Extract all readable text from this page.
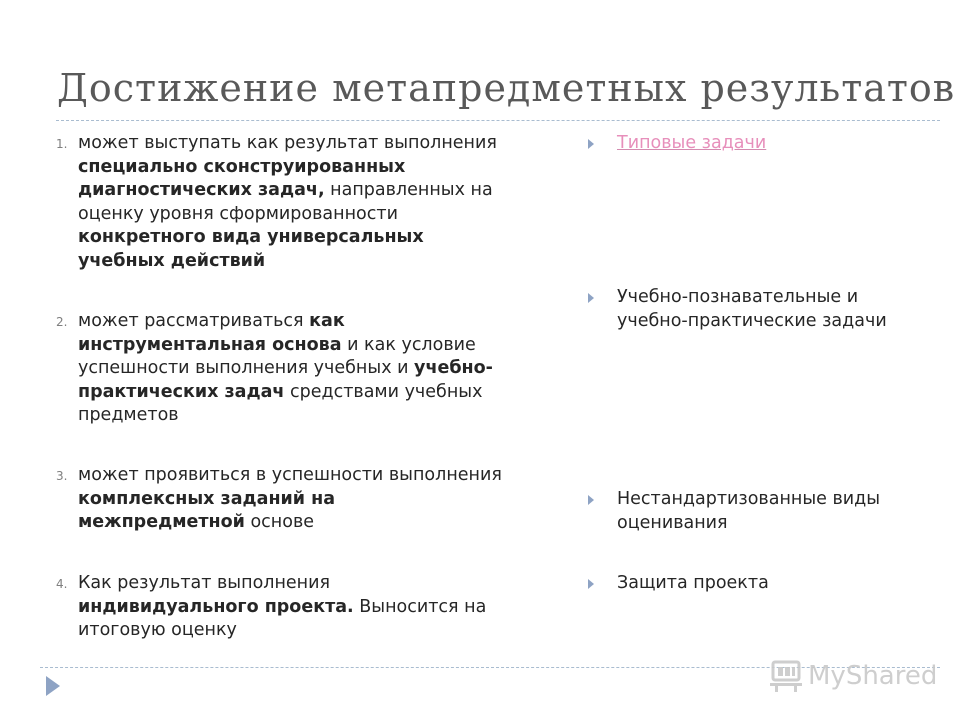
Достижение метапредметных результатов
1. может выступать как результат выполнения специально сконструированных диагностических задач, направленных на оценку уровня сформированности конкретного вида универсальных учебных действий
2. может рассматриваться как инструментальная основа и как условие успешности выполнения учебных и учебно-практических задач средствами учебных предметов
3. может проявиться в успешности выполнения комплексных заданий на межпредметной основе
4. Как результат выполнения индивидуального проекта. Выносится на итоговую оценку
Типовые задачи
Учебно-познавательные и учебно-практические задачи
Нестандартизованные виды оценивания
Защита проекта
MyShared
